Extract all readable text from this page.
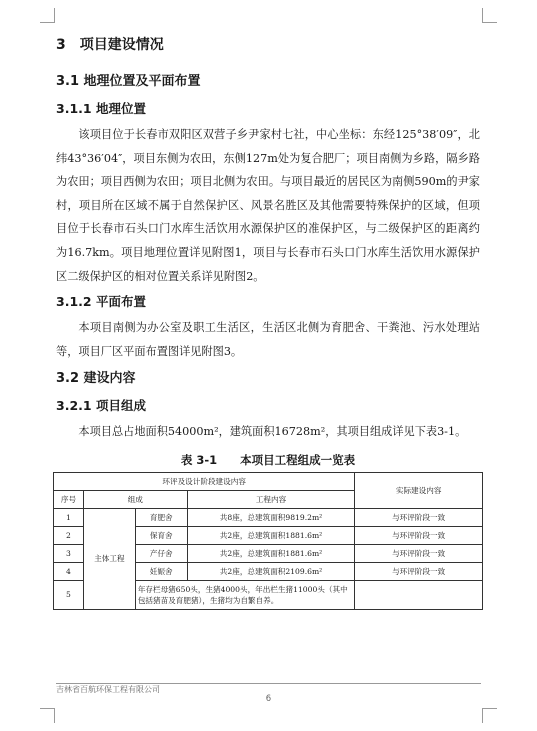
3　项目建设情况
3.1 地理位置及平面布置
3.1.1 地理位置

该项目位于长春市双阳区双营子乡尹家村七社，中心坐标：东经125°38′09″，北纬43°36′04″，项目东侧为农田，东侧127m处为复合肥厂；项目南侧为乡路，隔乡路为农田；项目西侧为农田；项目北侧为农田。与项目最近的居民区为南侧590m的尹家村，项目所在区域不属于自然保护区、风景名胜区及其他需要特殊保护的区域，但项目位于长春市石头口门水库生活饮用水源保护区的准保护区，与二级保护区的距离约为16.7km。项目地理位置详见附图1，项目与长春市石头口门水库生活饮用水源保护区二级保护区的相对位置关系详见附图2。

3.1.2 平面布置

本项目南侧为办公室及职工生活区，生活区北侧为育肥舍、干粪池、污水处理站等，项目厂区平面布置图详见附图3。

3.2 建设内容
3.2.1 项目组成

本项目总占地面积54000m²，建筑面积16728m²，其项目组成详见下表3-1。

表 3-1　　本项目工程组成一览表
环评及设计阶段建设内容				实际建设内容
序号	组成		工程内容	
1	主体工程	育肥舍	共8座，总建筑面积9819.2m²	与环评阶段一致
2		保育舍	共2座，总建筑面积1881.6m²	与环评阶段一致
3		产仔舍	共2座，总建筑面积1881.6m²	与环评阶段一致
4		妊娠舍	共2座，总建筑面积2109.6m²	与环评阶段一致
5		年存栏母猪650头，生猪4000头，年出栏生猪11000头（其中包括猪苗及育肥猪），生猪均为自繁自养。		
吉林省百航环保工程有限公司
6
